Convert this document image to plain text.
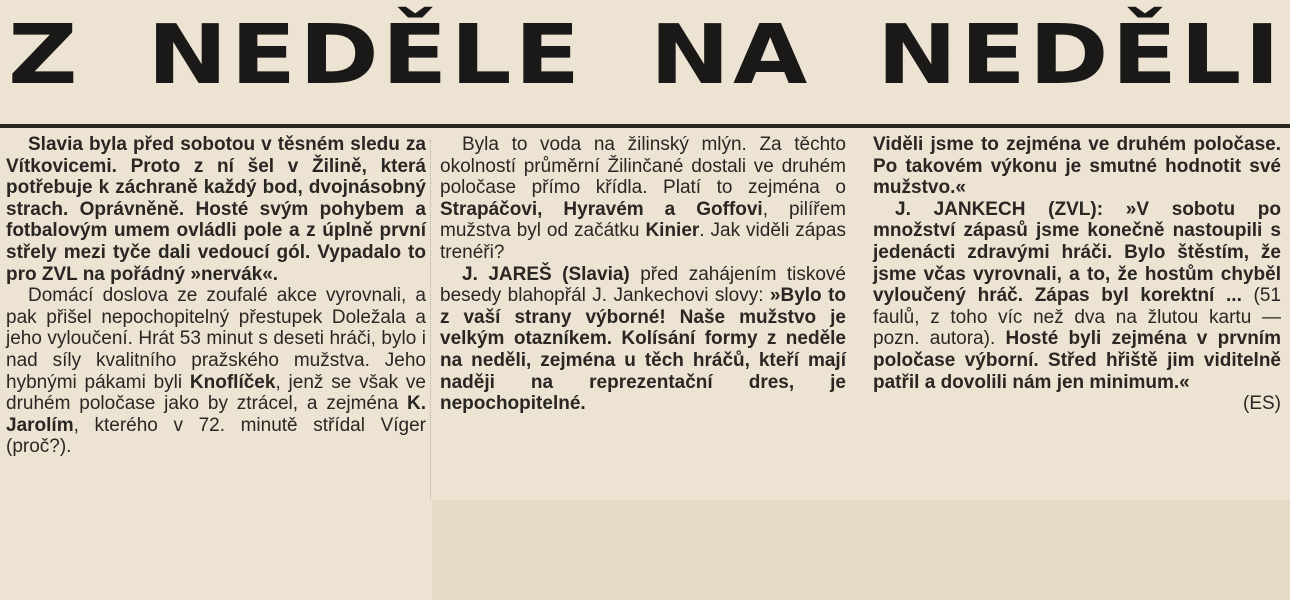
Z NEDĚLE NA NEDĚLI

Slavia byla před sobotou v těsném sledu za Vítkovicemi. Proto z ní šel v Žilině, která potřebuje k záchraně každý bod, dvojnásobný strach. Oprávněně. Hosté svým pohybem a fotbalovým umem ovládli pole a z úplně první střely mezi tyče dali vedoucí gól. Vypadalo to pro ZVL na pořádný »nervák«.

Domácí doslova ze zoufalé akce vyrovnali, a pak přišel nepochopitelný přestupek Doležala a jeho vyloučení. Hrát 53 minut s deseti hráči, bylo i nad síly kvalitního pražského mužstva. Jeho hybnými pákami byli Knoflíček, jenž se však ve druhém poločase jako by ztrácel, a zejména K. Jarolím, kterého v 72. minutě střídal Víger (proč?).

Byla to voda na žilinský mlýn. Za těchto okolností průměrní Žilinčané dostali ve druhém poločase přímo křídla. Platí to zejména o Strapáčovi, Hyravém a Goffovi, pilířem mužstva byl od začátku Kinier. Jak viděli zápas trenéři?

J. JAREŠ (Slavia) před zahájením tiskové besedy blahopřál J. Jankechovi slovy: »Bylo to z vaší strany výborné! Naše mužstvo je velkým otazníkem. Kolísání formy z neděle na neděli, zejména u těch hráčů, kteří mají naději na reprezentační dres, je nepochopitelné.

Viděli jsme to zejména ve druhém poločase. Po takovém výkonu je smutné hodnotit své mužstvo.«

J. JANKECH (ZVL): »V sobotu po množství zápasů jsme konečně nastoupili s jedenácti zdravými hráči. Bylo štěstím, že jsme včas vyrovnali, a to, že hostům chyběl vyloučený hráč. Zápas byl korektní ... (51 faulů, z toho víc než dva na žlutou kartu — pozn. autora). Hosté byli zejména v prvním poločase výborní. Střed hřiště jim viditelně patřil a dovolili nám jen minimum.«

(ES)
